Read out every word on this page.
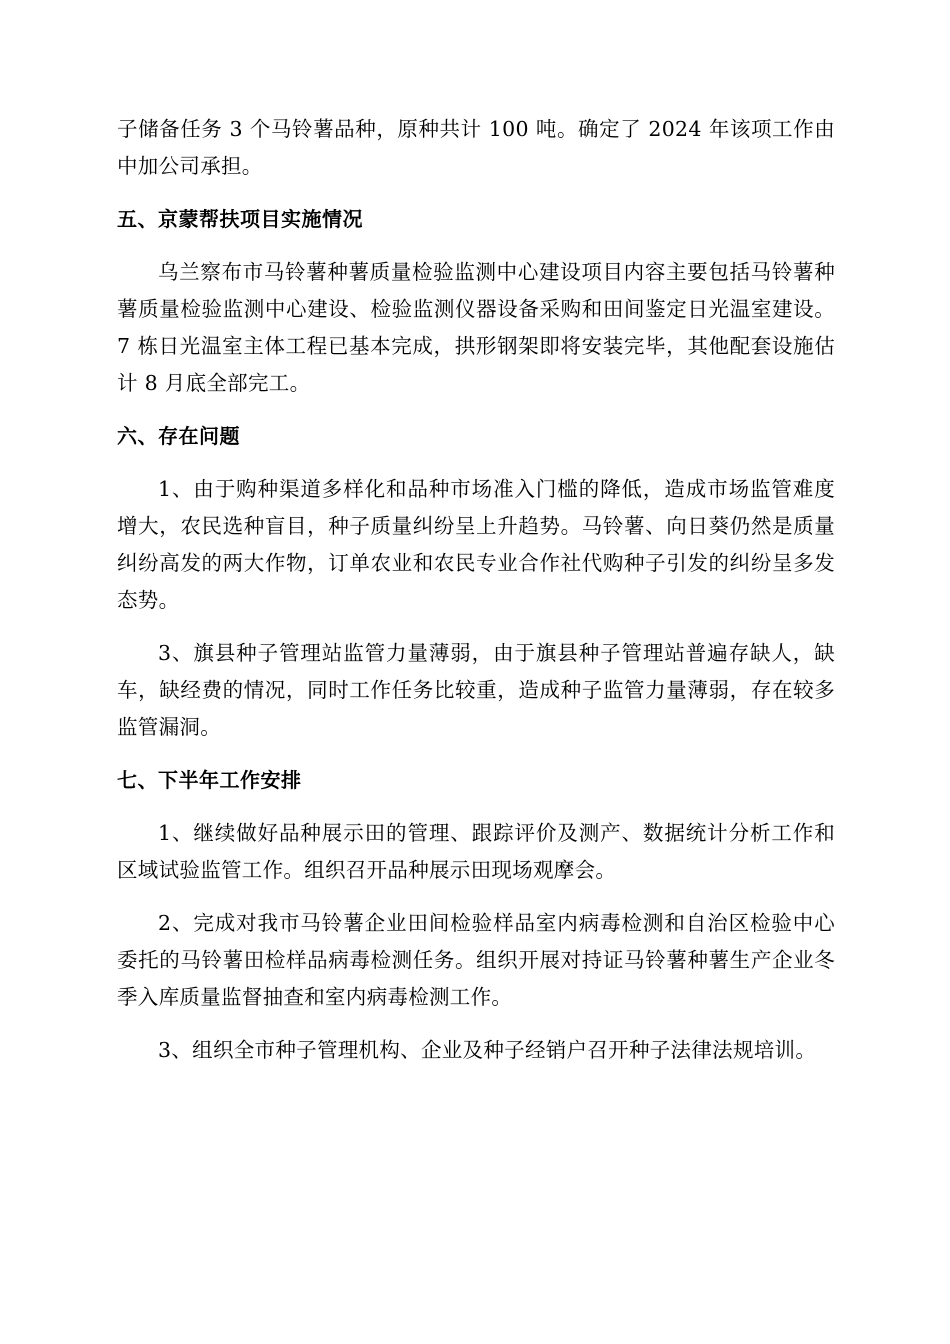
子储备任务 3 个马铃薯品种，原种共计 100 吨。确定了 2024 年该项工作由中加公司承担。

五、京蒙帮扶项目实施情况

乌兰察布市马铃薯种薯质量检验监测中心建设项目内容主要包括马铃薯种薯质量检验监测中心建设、检验监测仪器设备采购和田间鉴定日光温室建设。7 栋日光温室主体工程已基本完成，拱形钢架即将安装完毕，其他配套设施估计 8 月底全部完工。

六、存在问题

1、由于购种渠道多样化和品种市场准入门槛的降低，造成市场监管难度增大，农民选种盲目，种子质量纠纷呈上升趋势。马铃薯、向日葵仍然是质量纠纷高发的两大作物，订单农业和农民专业合作社代购种子引发的纠纷呈多发态势。

3、旗县种子管理站监管力量薄弱，由于旗县种子管理站普遍存缺人，缺车，缺经费的情况，同时工作任务比较重，造成种子监管力量薄弱，存在较多监管漏洞。

七、下半年工作安排

1、继续做好品种展示田的管理、跟踪评价及测产、数据统计分析工作和区域试验监管工作。组织召开品种展示田现场观摩会。

2、完成对我市马铃薯企业田间检验样品室内病毒检测和自治区检验中心委托的马铃薯田检样品病毒检测任务。组织开展对持证马铃薯种薯生产企业冬季入库质量监督抽查和室内病毒检测工作。

3、组织全市种子管理机构、企业及种子经销户召开种子法律法规培训。
